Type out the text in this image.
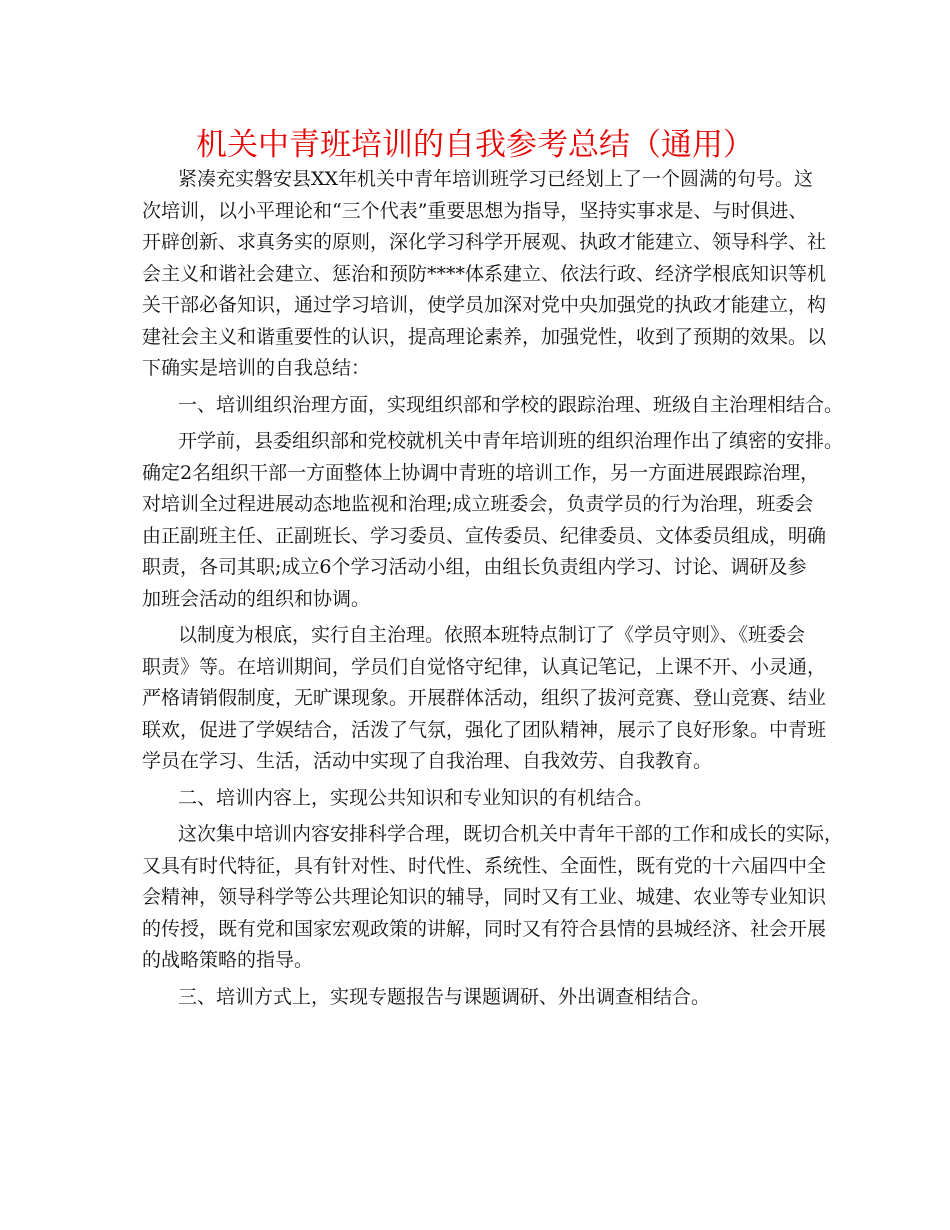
机关中青班培训的自我参考总结（通用）

紧凑充实磐安县XX年机关中青年培训班学习已经划上了一个圆满的句号。这
次培训，以小平理论和“三个代表”重要思想为指导，坚持实事求是、与时俱进、
开辟创新、求真务实的原则，深化学习科学开展观、执政才能建立、领导科学、社
会主义和谐社会建立、惩治和预防****体系建立、依法行政、经济学根底知识等机
关干部必备知识，通过学习培训，使学员加深对党中央加强党的执政才能建立，构
建社会主义和谐重要性的认识，提高理论素养，加强党性，收到了预期的效果。以
下确实是培训的自我总结：

一、培训组织治理方面，实现组织部和学校的跟踪治理、班级自主治理相结合。

开学前，县委组织部和党校就机关中青年培训班的组织治理作出了缜密的安排。
确定2名组织干部一方面整体上协调中青班的培训工作，另一方面进展跟踪治理，
对培训全过程进展动态地监视和治理;成立班委会，负责学员的行为治理，班委会
由正副班主任、正副班长、学习委员、宣传委员、纪律委员、文体委员组成，明确
职责，各司其职;成立6个学习活动小组，由组长负责组内学习、讨论、调研及参
加班会活动的组织和协调。

以制度为根底，实行自主治理。依照本班特点制订了《学员守则》、《班委会
职责》等。在培训期间，学员们自觉恪守纪律，认真记笔记，上课不开、小灵通，
严格请销假制度，无旷课现象。开展群体活动，组织了拔河竞赛、登山竞赛、结业
联欢，促进了学娱结合，活泼了气氛，强化了团队精神，展示了良好形象。中青班
学员在学习、生活，活动中实现了自我治理、自我效劳、自我教育。

二、培训内容上，实现公共知识和专业知识的有机结合。

这次集中培训内容安排科学合理，既切合机关中青年干部的工作和成长的实际，
又具有时代特征，具有针对性、时代性、系统性、全面性，既有党的十六届四中全
会精神，领导科学等公共理论知识的辅导，同时又有工业、城建、农业等专业知识
的传授，既有党和国家宏观政策的讲解，同时又有符合县情的县城经济、社会开展
的战略策略的指导。

三、培训方式上，实现专题报告与课题调研、外出调查相结合。
